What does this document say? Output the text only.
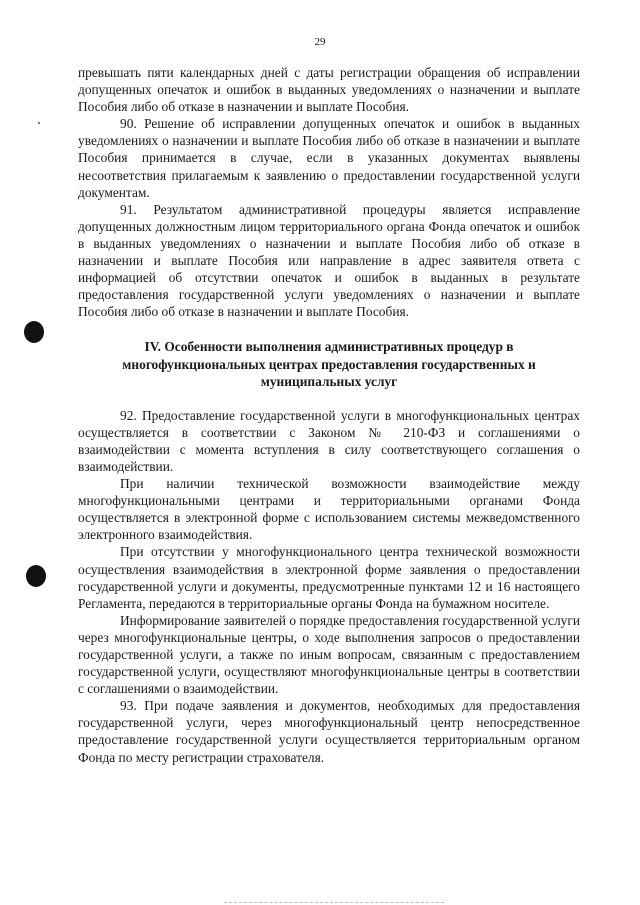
29

превышать пяти календарных дней с даты регистрации обращения об исправлении допущенных опечаток и ошибок в выданных уведомлениях о назначении и выплате Пособия либо об отказе в назначении и выплате Пособия.

90. Решение об исправлении допущенных опечаток и ошибок в выданных уведомлениях о назначении и выплате Пособия либо об отказе в назначении и выплате Пособия принимается в случае, если в указанных документах выявлены несоответствия прилагаемым к заявлению о предоставлении государственной услуги документам.

91. Результатом административной процедуры является исправление допущенных должностным лицом территориального органа Фонда опечаток и ошибок в выданных уведомлениях о назначении и выплате Пособия либо об отказе в назначении и выплате Пособия или направление в адрес заявителя ответа с информацией об отсутствии опечаток и ошибок в выданных в результате предоставления государственной услуги уведомлениях о назначении и выплате Пособия либо об отказе в назначении и выплате Пособия.

IV. Особенности выполнения административных процедур в многофункциональных центрах предоставления государственных и муниципальных услуг

92. Предоставление государственной услуги в многофункциональных центрах осуществляется в соответствии с Законом № 210-ФЗ и соглашениями о взаимодействии с момента вступления в силу соответствующего соглашения о взаимодействии.

При наличии технической возможности взаимодействие между многофункциональными центрами и территориальными органами Фонда осуществляется в электронной форме с использованием системы межведомственного электронного взаимодействия.

При отсутствии у многофункционального центра технической возможности осуществления взаимодействия в электронной форме заявления о предоставлении государственной услуги и документы, предусмотренные пунктами 12 и 16 настоящего Регламента, передаются в территориальные органы Фонда на бумажном носителе.

Информирование заявителей о порядке предоставления государственной услуги через многофункциональные центры, о ходе выполнения запросов о предоставлении государственной услуги, а также по иным вопросам, связанным с предоставлением государственной услуги, осуществляют многофункциональные центры в соответствии с соглашениями о взаимодействии.

93. При подаче заявления и документов, необходимых для предоставления государственной услуги, через многофункциональный центр непосредственное предоставление государственной услуги осуществляется территориальным органом Фонда по месту регистрации страхователя.
